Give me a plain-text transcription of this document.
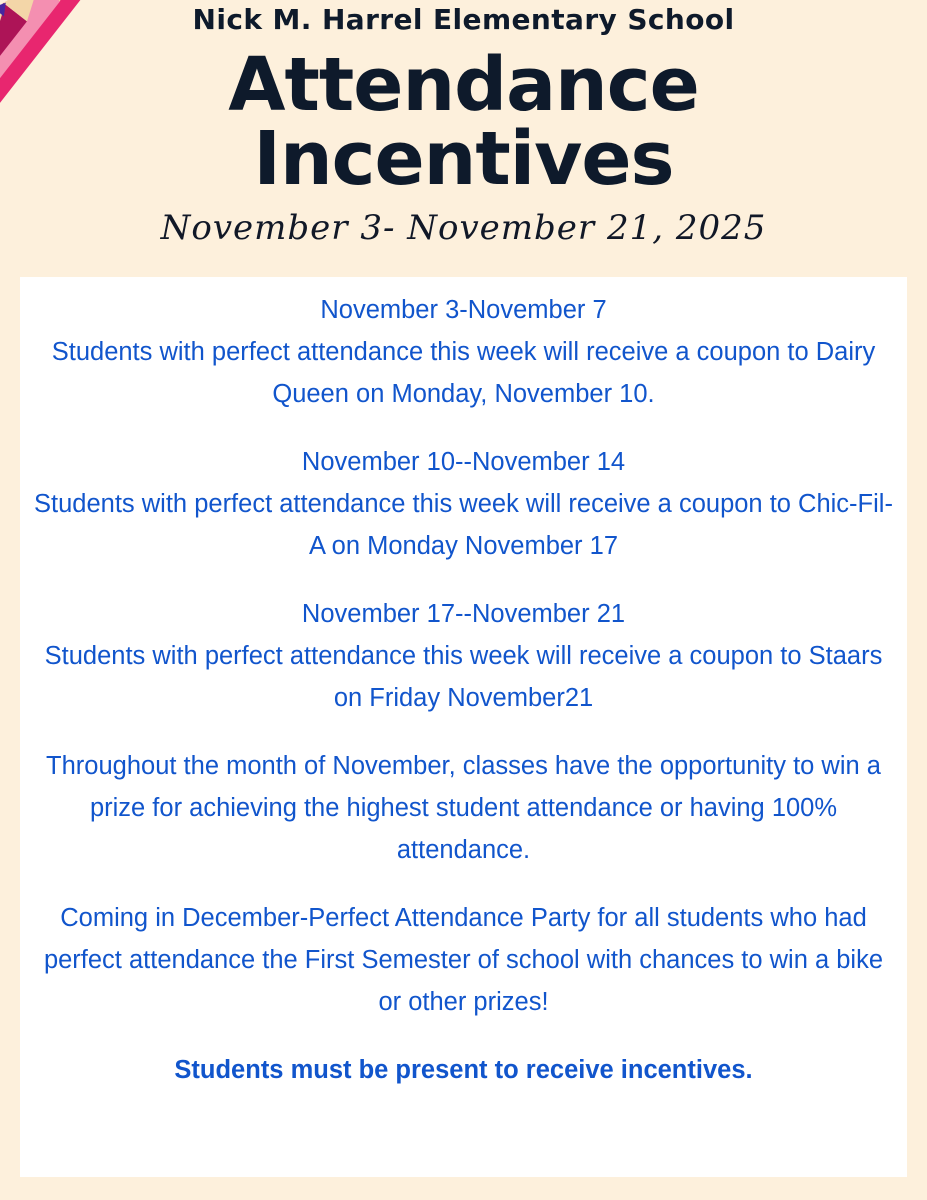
Nick M. Harrel Elementary School
Attendance
Incentives
November 3- November 21, 2025
November 3-November 7
Students with perfect attendance this week will receive a coupon to Dairy Queen on Monday, November 10.
November 10--November 14
Students with perfect attendance this week will receive a coupon to Chic-Fil-A on Monday November 17
November 17--November 21
Students with perfect attendance this week will receive a coupon to Staars on Friday November21
Throughout the month of November, classes have the opportunity to win a prize for achieving the highest student attendance or having 100% attendance.
Coming in December-Perfect Attendance Party for all students who had perfect attendance the First Semester of school with chances to win a bike or other prizes!
Students must be present to receive incentives.
